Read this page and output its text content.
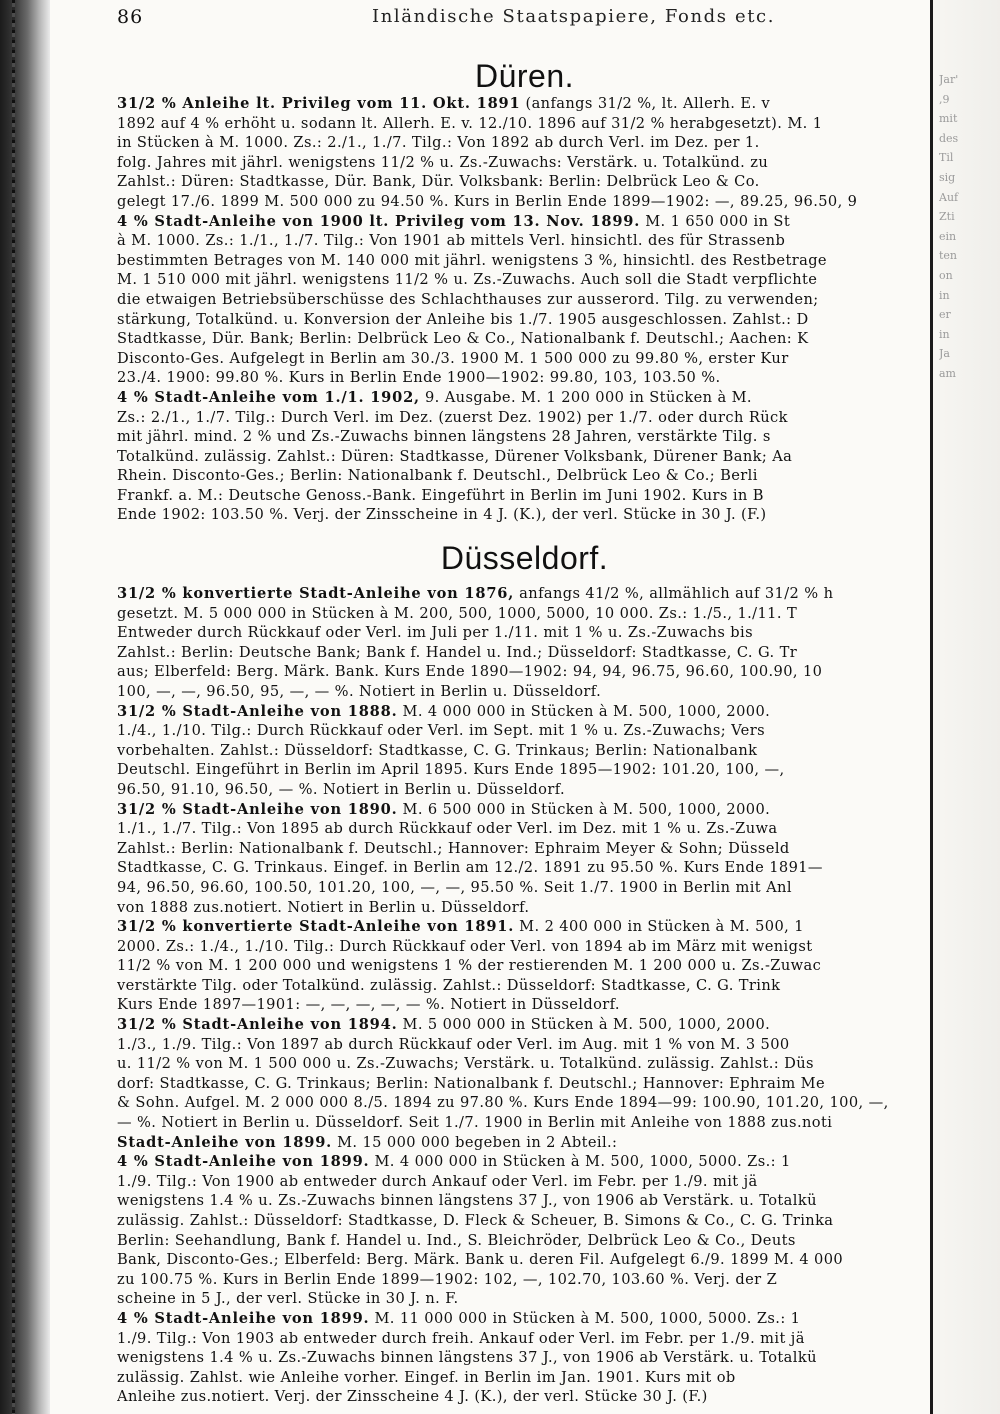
Jar'
,9
mit
des
Til
sig
Auf
Zti
ein
ten
on
in
er
in
Ja
am
86	Inländische Staatspapiere, Fonds etc.
Düren.
31/2 % Anleihe lt. Privileg vom 11. Okt. 1891 (anfangs 31/2 %, lt. Allerh. E. v
1892 auf 4 % erhöht u. sodann lt. Allerh. E. v. 12./10. 1896 auf 31/2 % herabgesetzt). M. 1
in Stücken à M. 1000. Zs.: 2./1., 1./7. Tilg.: Von 1892 ab durch Verl. im Dez. per 1.
folg. Jahres mit jährl. wenigstens 11/2 % u. Zs.-Zuwachs: Verstärk. u. Totalkünd. zu
Zahlst.: Düren: Stadtkasse, Dür. Bank, Dür. Volksbank: Berlin: Delbrück Leo & Co.
gelegt 17./6. 1899 M. 500 000 zu 94.50 %. Kurs in Berlin Ende 1899—1902: —, 89.25, 96.50, 9
4 % Stadt-Anleihe von 1900 lt. Privileg vom 13. Nov. 1899. M. 1 650 000 in St
à M. 1000. Zs.: 1./1., 1./7. Tilg.: Von 1901 ab mittels Verl. hinsichtl. des für Strassenb
bestimmten Betrages von M. 140 000 mit jährl. wenigstens 3 %, hinsichtl. des Restbetrage
M. 1 510 000 mit jährl. wenigstens 11/2 % u. Zs.-Zuwachs. Auch soll die Stadt verpflichte
die etwaigen Betriebsüberschüsse des Schlachthauses zur ausserord. Tilg. zu verwenden;
stärkung, Totalkünd. u. Konversion der Anleihe bis 1./7. 1905 ausgeschlossen. Zahlst.: D
Stadtkasse, Dür. Bank; Berlin: Delbrück Leo & Co., Nationalbank f. Deutschl.; Aachen: K
Disconto-Ges. Aufgelegt in Berlin am 30./3. 1900 M. 1 500 000 zu 99.80 %, erster Kur
23./4. 1900: 99.80 %. Kurs in Berlin Ende 1900—1902: 99.80, 103, 103.50 %.
4 % Stadt-Anleihe vom 1./1. 1902, 9. Ausgabe. M. 1 200 000 in Stücken à M.
Zs.: 2./1., 1./7. Tilg.: Durch Verl. im Dez. (zuerst Dez. 1902) per 1./7. oder durch Rück
mit jährl. mind. 2 % und Zs.-Zuwachs binnen längstens 28 Jahren, verstärkte Tilg. s
Totalkünd. zulässig. Zahlst.: Düren: Stadtkasse, Dürener Volksbank, Dürener Bank; Aa
Rhein. Disconto-Ges.; Berlin: Nationalbank f. Deutschl., Delbrück Leo & Co.; Berli
Frankf. a. M.: Deutsche Genoss.-Bank. Eingeführt in Berlin im Juni 1902. Kurs in B
Ende 1902: 103.50 %. Verj. der Zinsscheine in 4 J. (K.), der verl. Stücke in 30 J. (F.)
Düsseldorf.
31/2 % konvertierte Stadt-Anleihe von 1876, anfangs 41/2 %, allmählich auf 31/2 % h
gesetzt. M. 5 000 000 in Stücken à M. 200, 500, 1000, 5000, 10 000. Zs.: 1./5., 1./11. T
Entweder durch Rückkauf oder Verl. im Juli per 1./11. mit 1 % u. Zs.-Zuwachs bis
Zahlst.: Berlin: Deutsche Bank; Bank f. Handel u. Ind.; Düsseldorf: Stadtkasse, C. G. Tr
aus; Elberfeld: Berg. Märk. Bank. Kurs Ende 1890—1902: 94, 94, 96.75, 96.60, 100.90, 10
100, —, —, 96.50, 95, —, — %. Notiert in Berlin u. Düsseldorf.
31/2 % Stadt-Anleihe von 1888. M. 4 000 000 in Stücken à M. 500, 1000, 2000.
1./4., 1./10. Tilg.: Durch Rückkauf oder Verl. im Sept. mit 1 % u. Zs.-Zuwachs; Vers
vorbehalten. Zahlst.: Düsseldorf: Stadtkasse, C. G. Trinkaus; Berlin: Nationalbank
Deutschl. Eingeführt in Berlin im April 1895. Kurs Ende 1895—1902: 101.20, 100, —,
96.50, 91.10, 96.50, — %. Notiert in Berlin u. Düsseldorf.
31/2 % Stadt-Anleihe von 1890. M. 6 500 000 in Stücken à M. 500, 1000, 2000.
1./1., 1./7. Tilg.: Von 1895 ab durch Rückkauf oder Verl. im Dez. mit 1 % u. Zs.-Zuwa
Zahlst.: Berlin: Nationalbank f. Deutschl.; Hannover: Ephraim Meyer & Sohn; Düsseld
Stadtkasse, C. G. Trinkaus. Eingef. in Berlin am 12./2. 1891 zu 95.50 %. Kurs Ende 1891—
94, 96.50, 96.60, 100.50, 101.20, 100, —, —, 95.50 %. Seit 1./7. 1900 in Berlin mit Anl
von 1888 zus.notiert. Notiert in Berlin u. Düsseldorf.
31/2 % konvertierte Stadt-Anleihe von 1891. M. 2 400 000 in Stücken à M. 500, 1
2000. Zs.: 1./4., 1./10. Tilg.: Durch Rückkauf oder Verl. von 1894 ab im März mit wenigst
11/2 % von M. 1 200 000 und wenigstens 1 % der restierenden M. 1 200 000 u. Zs.-Zuwac
verstärkte Tilg. oder Totalkünd. zulässig. Zahlst.: Düsseldorf: Stadtkasse, C. G. Trink
Kurs Ende 1897—1901: —, —, —, —, — %. Notiert in Düsseldorf.
31/2 % Stadt-Anleihe von 1894. M. 5 000 000 in Stücken à M. 500, 1000, 2000.
1./3., 1./9. Tilg.: Von 1897 ab durch Rückkauf oder Verl. im Aug. mit 1 % von M. 3 500
u. 11/2 % von M. 1 500 000 u. Zs.-Zuwachs; Verstärk. u. Totalkünd. zulässig. Zahlst.: Düs
dorf: Stadtkasse, C. G. Trinkaus; Berlin: Nationalbank f. Deutschl.; Hannover: Ephraim Me
& Sohn. Aufgel. M. 2 000 000 8./5. 1894 zu 97.80 %. Kurs Ende 1894—99: 100.90, 101.20, 100, —,
— %. Notiert in Berlin u. Düsseldorf. Seit 1./7. 1900 in Berlin mit Anleihe von 1888 zus.noti
Stadt-Anleihe von 1899. M. 15 000 000 begeben in 2 Abteil.:
4 % Stadt-Anleihe von 1899. M. 4 000 000 in Stücken à M. 500, 1000, 5000. Zs.: 1
1./9. Tilg.: Von 1900 ab entweder durch Ankauf oder Verl. im Febr. per 1./9. mit jä
wenigstens 1.4 % u. Zs.-Zuwachs binnen längstens 37 J., von 1906 ab Verstärk. u. Totalkü
zulässig. Zahlst.: Düsseldorf: Stadtkasse, D. Fleck & Scheuer, B. Simons & Co., C. G. Trinka
Berlin: Seehandlung, Bank f. Handel u. Ind., S. Bleichröder, Delbrück Leo & Co., Deuts
Bank, Disconto-Ges.; Elberfeld: Berg. Märk. Bank u. deren Fil. Aufgelegt 6./9. 1899 M. 4 000
zu 100.75 %. Kurs in Berlin Ende 1899—1902: 102, —, 102.70, 103.60 %. Verj. der Z
scheine in 5 J., der verl. Stücke in 30 J. n. F.
4 % Stadt-Anleihe von 1899. M. 11 000 000 in Stücken à M. 500, 1000, 5000. Zs.: 1
1./9. Tilg.: Von 1903 ab entweder durch freih. Ankauf oder Verl. im Febr. per 1./9. mit jä
wenigstens 1.4 % u. Zs.-Zuwachs binnen längstens 37 J., von 1906 ab Verstärk. u. Totalkü
zulässig. Zahlst. wie Anleihe vorher. Eingef. in Berlin im Jan. 1901. Kurs mit ob
Anleihe zus.notiert. Verj. der Zinsscheine 4 J. (K.), der verl. Stücke 30 J. (F.)
